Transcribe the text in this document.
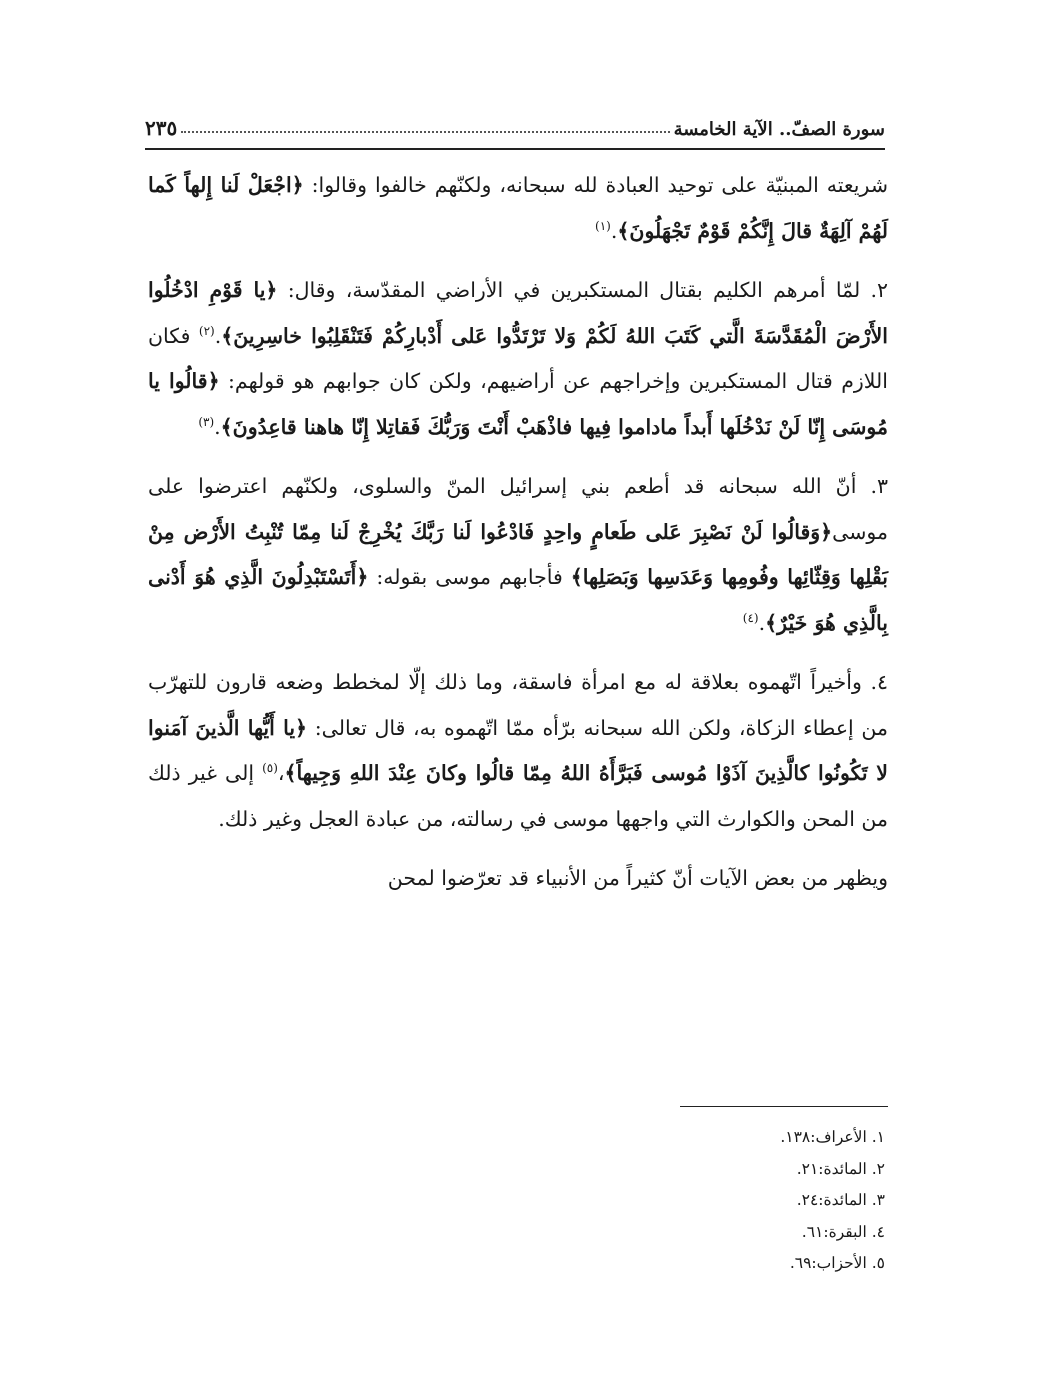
سورة الصفّ.. الآية الخامسة
٢٣٥

شريعته المبنيّة على توحيد العبادة لله سبحانه، ولكنّهم خالفوا وقالوا: ﴿اجْعَلْ لَنا إِلهاً كَما لَهُمْ آلِهَةٌ قالَ إِنَّكُمْ قَوْمٌ تَجْهَلُونَ﴾.$^{(١)}$

٢. لمّا أمرهم الكليم بقتال المستكبرين في الأراضي المقدّسة، وقال: ﴿يا قَوْمِ ادْخُلُوا الأَرْضَ الْمُقَدَّسَةَ الَّتي كَتَبَ اللهُ لَكُمْ وَلا تَرْتَدُّوا عَلى أَدْبارِكُمْ فَتَنْقَلِبُوا خاسِرِينَ﴾.$^{(٢)}$ فكان اللازم قتال المستكبرين وإخراجهم عن أراضيهم، ولكن كان جوابهم هو قولهم: ﴿قالُوا يا مُوسَى إِنّا لَنْ نَدْخُلَها أَبداً ماداموا فِيها فاذْهَبْ أَنْتَ وَرَبُّكَ فَقاتِلا إِنّا هاهنا قاعِدُونَ﴾.$^{(٣)}$

٣. أنّ الله سبحانه قد أطعم بني إسرائيل المنّ والسلوى، ولكنّهم اعترضوا على موسى﴿وَقالُوا لَنْ نَصْبِرَ عَلى طَعامٍ واحِدٍ فَادْعُوا لَنا رَبَّكَ يُخْرِجْ لَنا مِمّا تُنْبِتُ الأَرْض مِنْ بَقْلِها وَقِثّائِها وفُومِها وَعَدَسِها وَبَصَلِها﴾ فأجابهم موسى بقوله: ﴿أَتَسْتَبْدِلُونَ الَّذِي هُوَ أَدْنى بِالَّذِي هُوَ خَيْرٌ﴾.$^{(٤)}$

٤. وأخيراً اتّهموه بعلاقة له مع امرأة فاسقة، وما ذلك إلّا لمخطط وضعه قارون للتهرّب من إعطاء الزكاة، ولكن الله سبحانه برّأه ممّا اتّهموه به، قال تعالى: ﴿يا أَيُّها الَّذينَ آمَنوا لا تَكُونُوا كالَّذِينَ آذَوْا مُوسى فَبَرَّأَهُ اللهُ مِمّا قالُوا وكانَ عِنْدَ اللهِ وَجِيهاً﴾،$^{(٥)}$ إلى غير ذلك من المحن والكوارث التي واجهها موسى في رسالته، من عبادة العجل وغير ذلك.

ويظهر من بعض الآيات أنّ كثيراً من الأنبياء قد تعرّضوا لمحن

١. الأعراف:١٣٨.
٢. المائدة:٢١.
٣. المائدة:٢٤.
٤. البقرة:٦١.
٥. الأحزاب:٦٩.
